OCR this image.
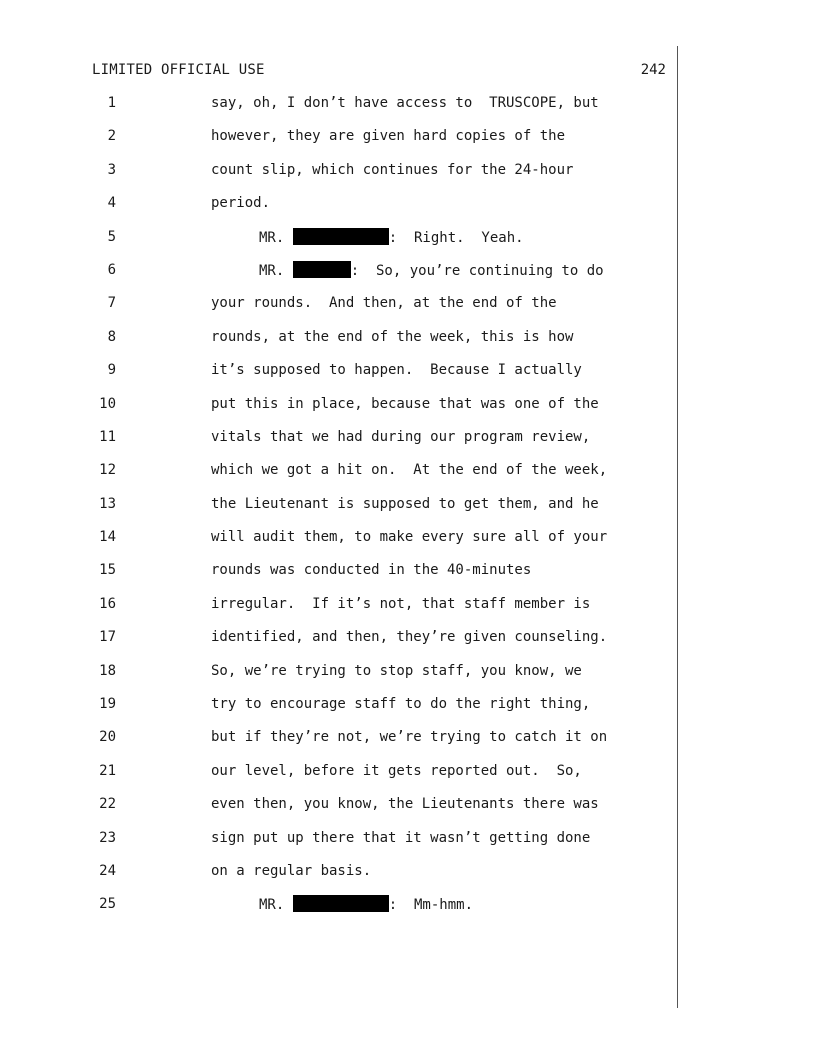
LIMITED OFFICIAL USE	242
1	say, oh, I don’t have access to  TRUSCOPE, but
2	however, they are given hard copies of the
3	count slip, which continues for the 24-hour
4	period.
5	MR.	:  Right.  Yeah.
6	MR.	:  So, you’re continuing to do
7	your rounds.  And then, at the end of the
8	rounds, at the end of the week, this is how
9	it’s supposed to happen.  Because I actually
10	put this in place, because that was one of the
11	vitals that we had during our program review,
12	which we got a hit on.  At the end of the week,
13	the Lieutenant is supposed to get them, and he
14	will audit them, to make every sure all of your
15	rounds was conducted in the 40-minutes
16	irregular.  If it’s not, that staff member is
17	identified, and then, they’re given counseling.
18	So, we’re trying to stop staff, you know, we
19	try to encourage staff to do the right thing,
20	but if they’re not, we’re trying to catch it on
21	our level, before it gets reported out.  So,
22	even then, you know, the Lieutenants there was
23	sign put up there that it wasn’t getting done
24	on a regular basis.
25	MR.	:  Mm-hmm.
